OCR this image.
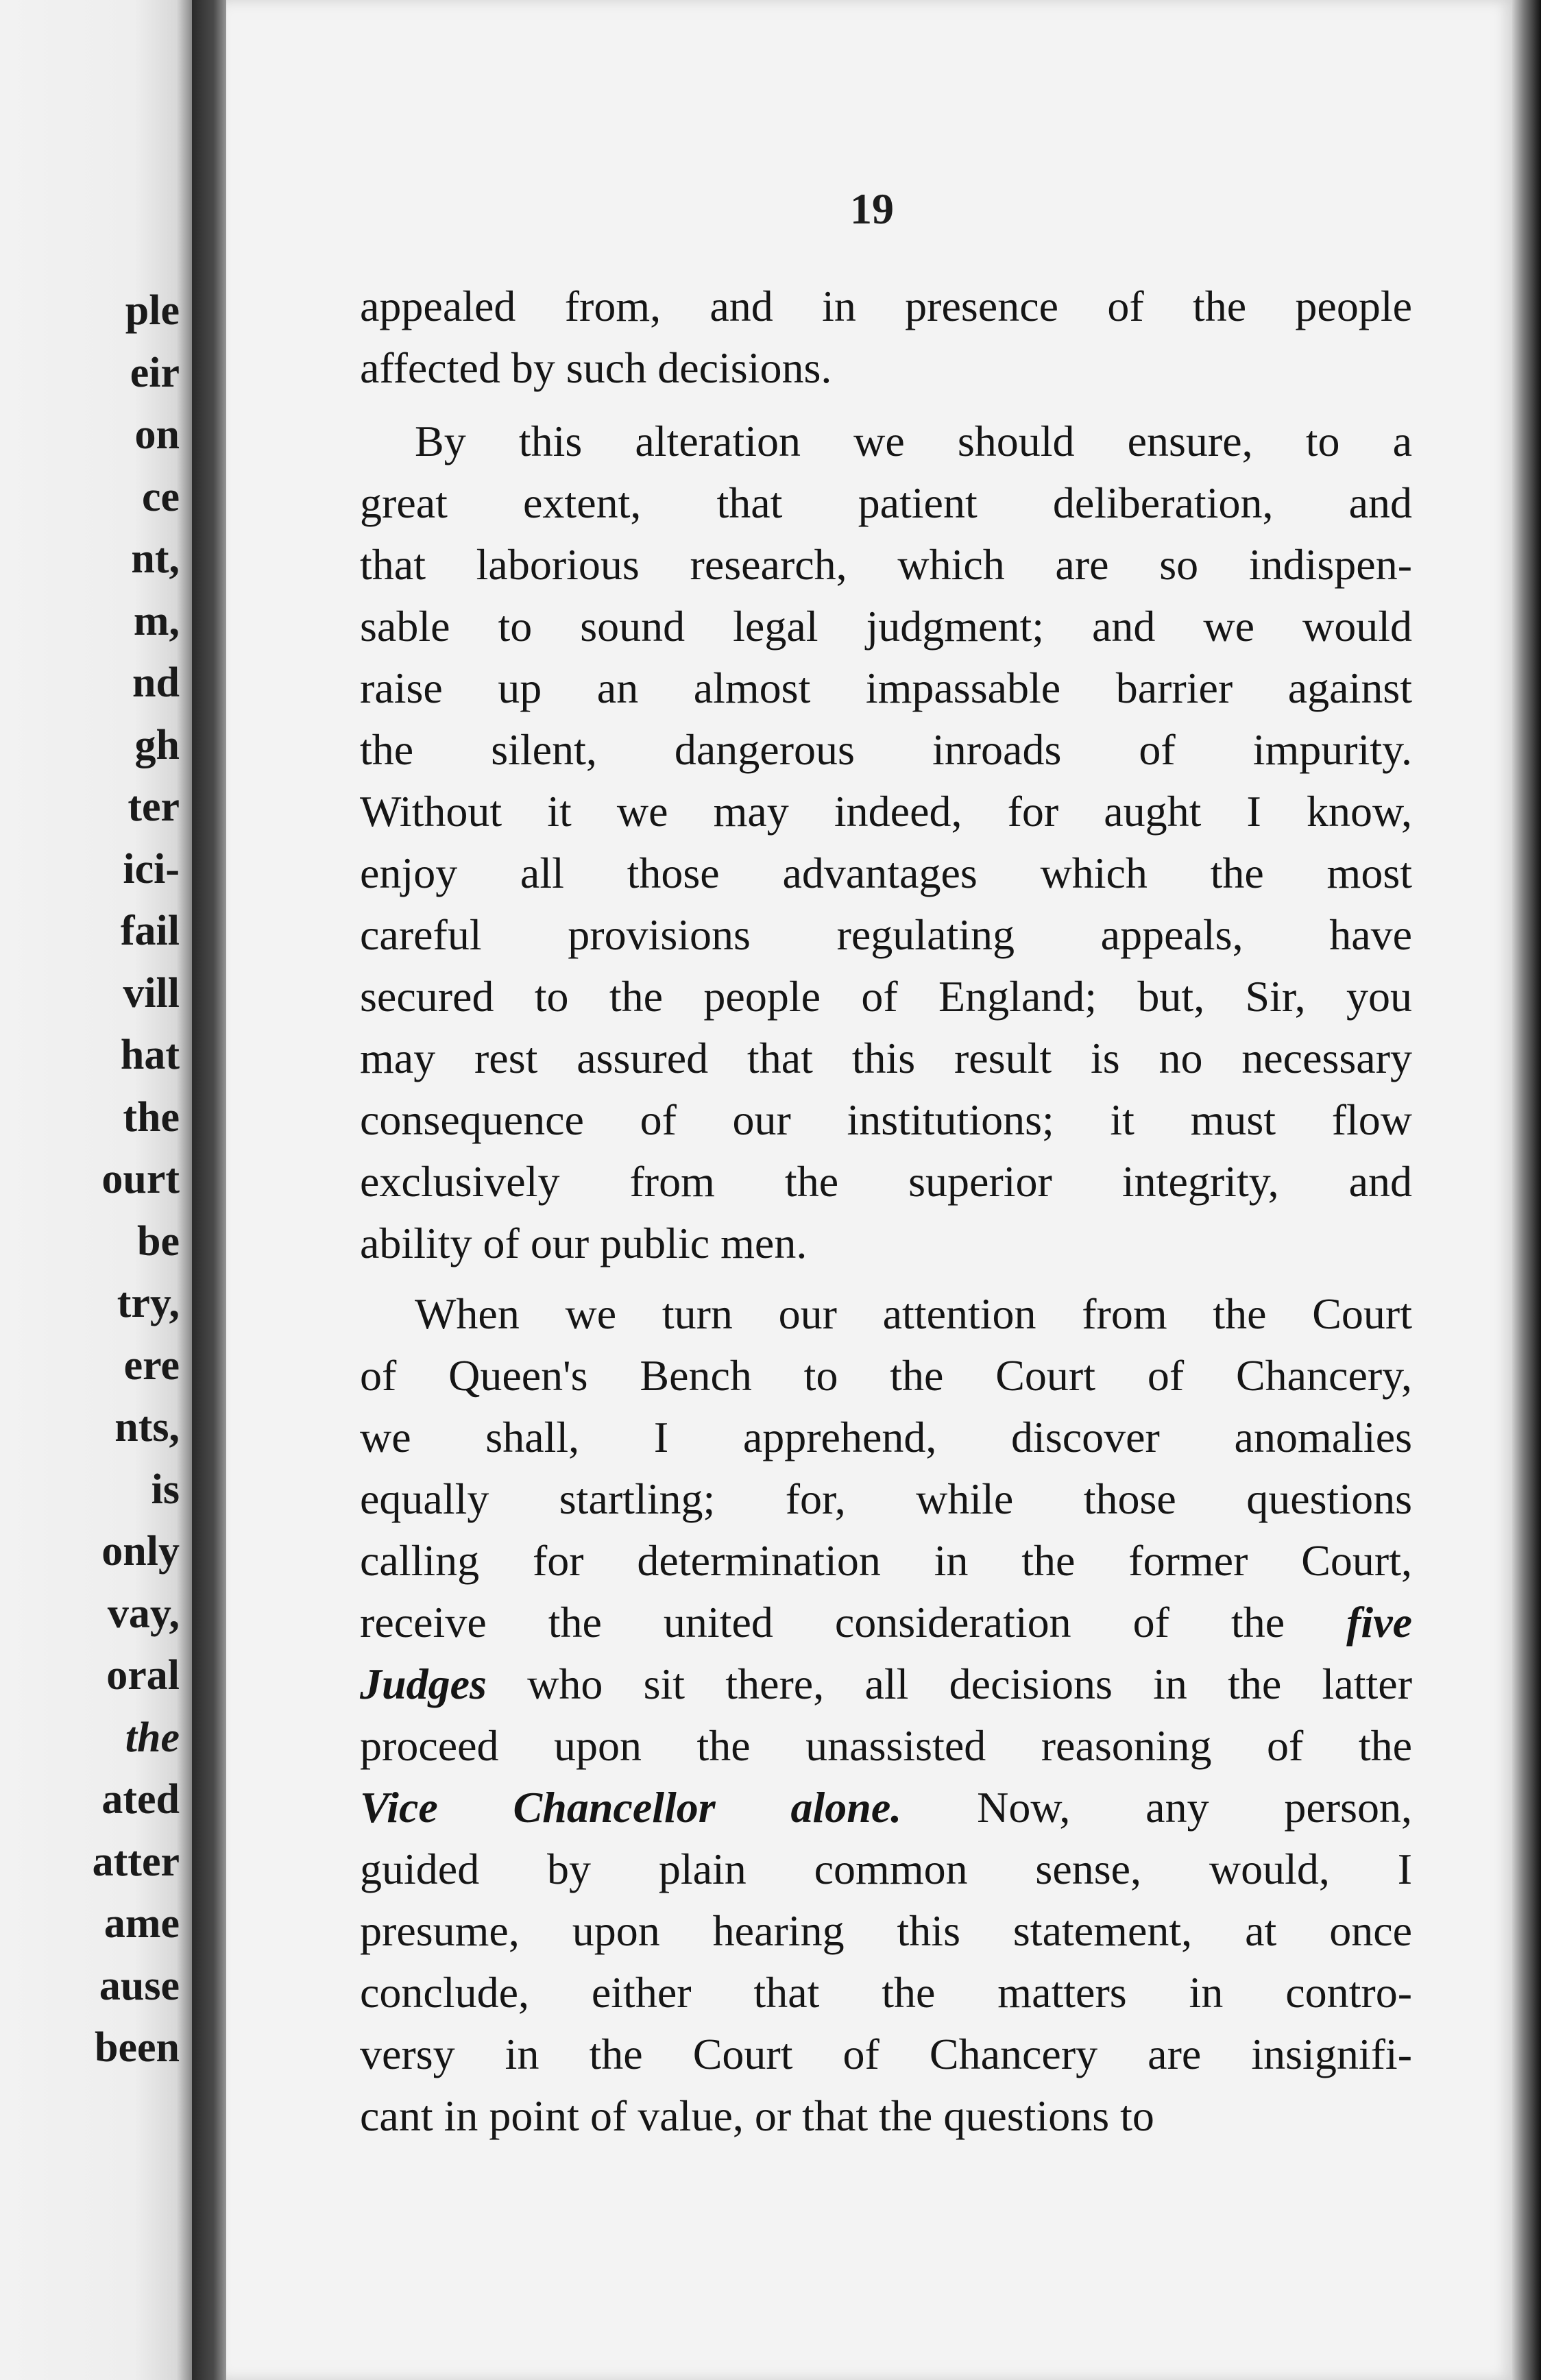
ple
eir
on
ce
nt,
m,
nd
gh
ter
ici-
fail
vill
hat
the
ourt
be
try,
ere
nts,
is
only
vay,
oral
the
ated
atter
ame
ause
been
19
appealed from, and in presence of the people
affected by such decisions.
By this alteration we should ensure, to a
great extent, that patient deliberation, and
that laborious research, which are so indispen-
sable to sound legal judgment; and we would
raise up an almost impassable barrier against
the silent, dangerous inroads of impurity.
Without it we may indeed, for aught I know,
enjoy all those advantages which the most
careful provisions regulating appeals, have
secured to the people of England; but, Sir, you
may rest assured that this result is no necessary
consequence of our institutions; it must flow
exclusively from the superior integrity, and
ability of our public men.
When we turn our attention from the Court
of Queen's Bench to the Court of Chancery,
we shall, I apprehend, discover anomalies
equally startling; for, while those questions
calling for determination in the former Court,
receive the united consideration of the five
Judges who sit there, all decisions in the latter
proceed upon the unassisted reasoning of the
Vice Chancellor alone. Now, any person,
guided by plain common sense, would, I
presume, upon hearing this statement, at once
conclude, either that the matters in contro-
versy in the Court of Chancery are insignifi-
cant in point of value, or that the questions to
